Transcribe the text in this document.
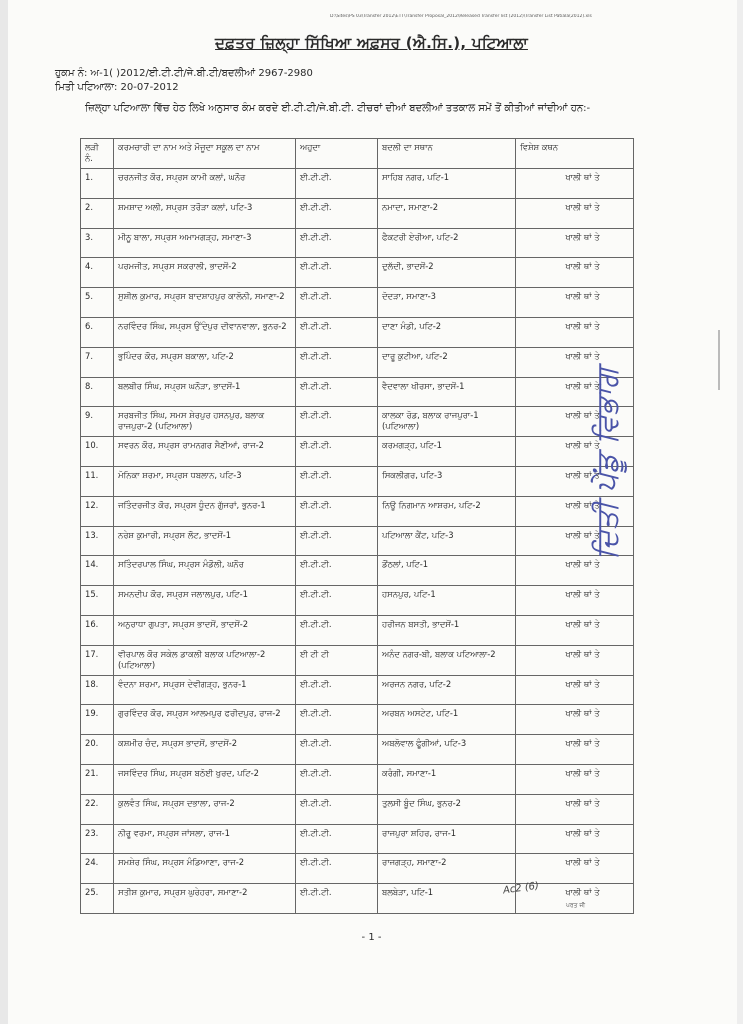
D:\Sites\PS 03\Transfer 2012\ETT\Transfer Proposal_2012\Released Transfer list (2012)\Transfer List Patiala(2012).xls
ਦਫ਼ਤਰ ਜ਼ਿਲ੍ਹਾ ਸਿੱਖਿਆ ਅਫ਼ਸਰ (ਐ.ਸਿ.), ਪਟਿਆਲਾ
ਹੁਕਮ ਨੰ: ਅ-1( )2012/ਈ.ਟੀ.ਟੀ/ਜੇ.ਬੀ.ਟੀ/ਬਦਲੀਆਂ 2967-2980
ਮਿਤੀ ਪਟਿਆਲਾ: 20-07-2012
ਜ਼ਿਲ੍ਹਾ ਪਟਿਆਲਾ ਵਿੱਚ ਹੇਠ ਲਿਖੇ ਅਨੁਸਾਰ ਕੰਮ ਕਰਦੇ ਈ.ਟੀ.ਟੀ/ਜੇ.ਬੀ.ਟੀ. ਟੀਚਰਾਂ ਦੀਆਂ ਬਦਲੀਆਂ ਤਤਕਾਲ ਸਮੇਂ ਤੋਂ ਕੀਤੀਆਂ ਜਾਂਦੀਆਂ ਹਨ:-
ਲੜੀ ਨੰ.	ਕਰਮਚਾਰੀ ਦਾ ਨਾਮ ਅਤੇ ਮੌਜੂਦਾ ਸਕੂਲ ਦਾ ਨਾਮ	ਅਹੁਦਾ	ਬਦਲੀ ਦਾ ਸਥਾਨ	ਵਿਸ਼ੇਸ਼ ਕਥਨ
1.	ਚਰਨਜੀਤ ਕੌਰ, ਸਪ੍ਰਸ ਕਾਮੀ ਕਲਾਂ, ਘਨੌਰ	ਈ.ਟੀ.ਟੀ.	ਸਾਹਿਬ ਨਗਰ, ਪਟਿ-1	ਖਾਲੀ ਥਾਂ ਤੇ
2.	ਸ਼ਮਸ਼ਾਦ ਅਲੀ, ਸਪ੍ਰਸ ਤਰੌੜਾ ਕਲਾਂ, ਪਟਿ-3	ਈ.ਟੀ.ਟੀ.	ਨਮਾਦਾ, ਸਮਾਣਾ-2	ਖਾਲੀ ਥਾਂ ਤੇ
3.	ਮੀਨੂ ਬਾਲਾ, ਸਪ੍ਰਸ ਅਮਾਮਗੜ੍ਹ, ਸਮਾਣਾ-3	ਈ.ਟੀ.ਟੀ.	ਫੈਕਟਰੀ ਏਰੀਆ, ਪਟਿ-2	ਖਾਲੀ ਥਾਂ ਤੇ
4.	ਪਰਮਜੀਤ, ਸਪ੍ਰਸ ਸਕਰਾਲੀ, ਭਾਦਸੋਂ-2	ਈ.ਟੀ.ਟੀ.	ਦੁਲੱਦੀ, ਭਾਦਸੋਂ-2	ਖਾਲੀ ਥਾਂ ਤੇ
5.	ਸੁਸ਼ੀਲ ਕੁਮਾਰ, ਸਪ੍ਰਸ ਬਾਦਸ਼ਾਹਪੁਰ ਕਾਲੋਨੀ, ਸਮਾਣਾ-2	ਈ.ਟੀ.ਟੀ.	ਦੋਦੜਾ, ਸਮਾਣਾ-3	ਖਾਲੀ ਥਾਂ ਤੇ
6.	ਨਰਵਿੰਦਰ ਸਿੰਘ, ਸਪ੍ਰਸ ਉੱਦੇਪੁਰ ਦੀਵਾਨਵਾਲਾ, ਭੁਨਰ-2	ਈ.ਟੀ.ਟੀ.	ਦਾਣਾ ਮੰਡੀ, ਪਟਿ-2	ਖਾਲੀ ਥਾਂ ਤੇ
7.	ਭੁਪਿੰਦਰ ਕੌਰ, ਸਪ੍ਰਸ ਬਕਾਲਾ, ਪਟਿ-2	ਈ.ਟੀ.ਟੀ.	ਦਾਰੂ ਕੁਟੀਆ, ਪਟਿ-2	ਖਾਲੀ ਥਾਂ ਤੇ
8.	ਬਲਬੀਰ ਸਿੰਘ, ਸਪ੍ਰਸ ਘਨੌੜਾ, ਭਾਦਸੋਂ-1	ਈ.ਟੀ.ਟੀ.	ਵੈਦਵਾਲਾ ਖੀਰਸਾ, ਭਾਦਸੋਂ-1	ਖਾਲੀ ਥਾਂ ਤੇ
9.	ਸਰਬਜੀਤ ਸਿੰਘ, ਸਮਸ ਸ਼ੇਰਪੁਰ ਹਸਨਪੁਰ, ਬਲਾਕ ਰਾਜਪੁਰਾ-2 (ਪਟਿਆਲਾ)	ਈ.ਟੀ.ਟੀ.	ਕਾਲਕਾ ਰੋਡ, ਬਲਾਕ ਰਾਜਪੁਰਾ-1 (ਪਟਿਆਲਾ)	ਖਾਲੀ ਥਾਂ ਤੇ
10.	ਸਵਰਨ ਕੌਰ, ਸਪ੍ਰਸ ਰਾਮਨਗਰ ਸੈਣੀਆਂ, ਰਾਜ-2	ਈ.ਟੀ.ਟੀ.	ਕਰਮਗੜ੍ਹ, ਪਟਿ-1	ਖਾਲੀ ਥਾਂ ਤੇ
11.	ਮੋਨਿਕਾ ਸ਼ਰਮਾ, ਸਪ੍ਰਸ ਧਬਲਾਨ, ਪਟਿ-3	ਈ.ਟੀ.ਟੀ.	ਸਿਕਲੀਗਰ, ਪਟਿ-3	ਖਾਲੀ ਥਾਂ ਤੇ
12.	ਜਤਿੰਦਰਜੀਤ ਕੌਰ, ਸਪ੍ਰਸ ਧੂੰਦਨ ਗੁੱਜਰਾਂ, ਭੁਨਰ-1	ਈ.ਟੀ.ਟੀ.	ਨਿਊ ਨਿਗਮਾਨ ਆਸ਼ਰਮ, ਪਟਿ-2	ਖਾਲੀ ਥਾਂ ਤੇ
13.	ਨਰੇਸ਼ ਕੁਮਾਰੀ, ਸਪ੍ਰਸ ਲੌਟ, ਭਾਦਸੋਂ-1	ਈ.ਟੀ.ਟੀ.	ਪਟਿਆਲਾ ਕੈਂਟ, ਪਟਿ-3	ਖਾਲੀ ਥਾਂ ਤੇ
14.	ਸਤਿੰਦਰਪਾਲ ਸਿੰਘ, ਸਪ੍ਰਸ ਮੰਡੌਲੀ, ਘਨੌਰ	ਈ.ਟੀ.ਟੀ.	ਡੌਂਠਲਾਂ, ਪਟਿ-1	ਖਾਲੀ ਥਾਂ ਤੇ
15.	ਸਮਨਦੀਪ ਕੌਰ, ਸਪ੍ਰਸ ਜਲਾਲਪੁਰ, ਪਟਿ-1	ਈ.ਟੀ.ਟੀ.	ਹਸਨਪੁਰ, ਪਟਿ-1	ਖਾਲੀ ਥਾਂ ਤੇ
16.	ਅਨੁਰਾਧਾ ਗੁਪਤਾ, ਸਪ੍ਰਸ ਭਾਦਸੋਂ, ਭਾਦਸੋਂ-2	ਈ.ਟੀ.ਟੀ.	ਹਰੀਜਨ ਬਸਤੀ, ਭਾਦਸੋਂ-1	ਖਾਲੀ ਥਾਂ ਤੇ
17.	ਵੀਰਪਾਲ ਕੌਰ ਸਕੇਲ ਡਾਕਲੀ ਬਲਾਕ ਪਟਿਆਲਾ-2 (ਪਟਿਆਲਾ)	ਈ ਟੀ ਟੀ	ਅਨੰਦ ਨਗਰ-ਬੀ, ਬਲਾਕ ਪਟਿਆਲਾ-2	ਖਾਲੀ ਥਾਂ ਤੇ
18.	ਵੰਦਨਾ ਸ਼ਰਮਾ, ਸਪ੍ਰਸ ਦੇਵੀਗੜ੍ਹ, ਭੁਨਰ-1	ਈ.ਟੀ.ਟੀ.	ਅਰਜਨ ਨਗਰ, ਪਟਿ-2	ਖਾਲੀ ਥਾਂ ਤੇ
19.	ਗੁਰਵਿੰਦਰ ਕੌਰ, ਸਪ੍ਰਸ ਆਲਮਪੁਰ ਫਰੀਦਪੁਰ, ਰਾਜ-2	ਈ.ਟੀ.ਟੀ.	ਅਰਬਨ ਅਸਟੇਟ, ਪਟਿ-1	ਖਾਲੀ ਥਾਂ ਤੇ
20.	ਕਸ਼ਮੀਰ ਚੰਦ, ਸਪ੍ਰਸ ਭਾਦਸੋਂ, ਭਾਦਸੋਂ-2	ਈ.ਟੀ.ਟੀ.	ਅਬਲੋਵਾਲ ਫੂੰਗੀਆਂ, ਪਟਿ-3	ਖਾਲੀ ਥਾਂ ਤੇ
21.	ਜਸਵਿੰਦਰ ਸਿੰਘ, ਸਪ੍ਰਸ ਬਠੋਈ ਖੁਰਦ, ਪਟਿ-2	ਈ.ਟੀ.ਟੀ.	ਕਰੰਗੀ, ਸਮਾਣਾ-1	ਖਾਲੀ ਥਾਂ ਤੇ
22.	ਕੁਲਵੰਤ ਸਿੰਘ, ਸਪ੍ਰਸ ਦਭਾਲਾ, ਰਾਜ-2	ਈ.ਟੀ.ਟੀ.	ਤੁਲਸੀ ਬੂੰਦ ਸਿੰਘ, ਭੁਨਰ-2	ਖਾਲੀ ਥਾਂ ਤੇ
23.	ਨੀਰੂ ਵਰਮਾ, ਸਪ੍ਰਸ ਜਾਂਸਲਾ, ਰਾਜ-1	ਈ.ਟੀ.ਟੀ.	ਰਾਜਪੁਰਾ ਸ਼ਹਿਰ, ਰਾਜ-1	ਖਾਲੀ ਥਾਂ ਤੇ
24.	ਸਮਸ਼ੇਰ ਸਿੰਘ, ਸਪ੍ਰਸ ਮੰਡਿਆਣਾ, ਰਾਜ-2	ਈ.ਟੀ.ਟੀ.	ਰਾਜਗੜ੍ਹ, ਸਮਾਣਾ-2	ਖਾਲੀ ਥਾਂ ਤੇ
25.	ਸਤੀਸ਼ ਕੁਮਾਰ, ਸਪ੍ਰਸ ਘੁਰੇਹਰਾ, ਸਮਾਣਾ-2	ਈ.ਟੀ.ਟੀ.	ਬਲਬੇੜਾ, ਪਟਿ-1	ਖਾਲੀ ਥਾਂ ਤੇ
ਦਿਤੀ ਪੇਂਡੂ ਵਿਭਾਗ
Ac2 (6)
ਪਰਤ ਜੀ
- 1 -
